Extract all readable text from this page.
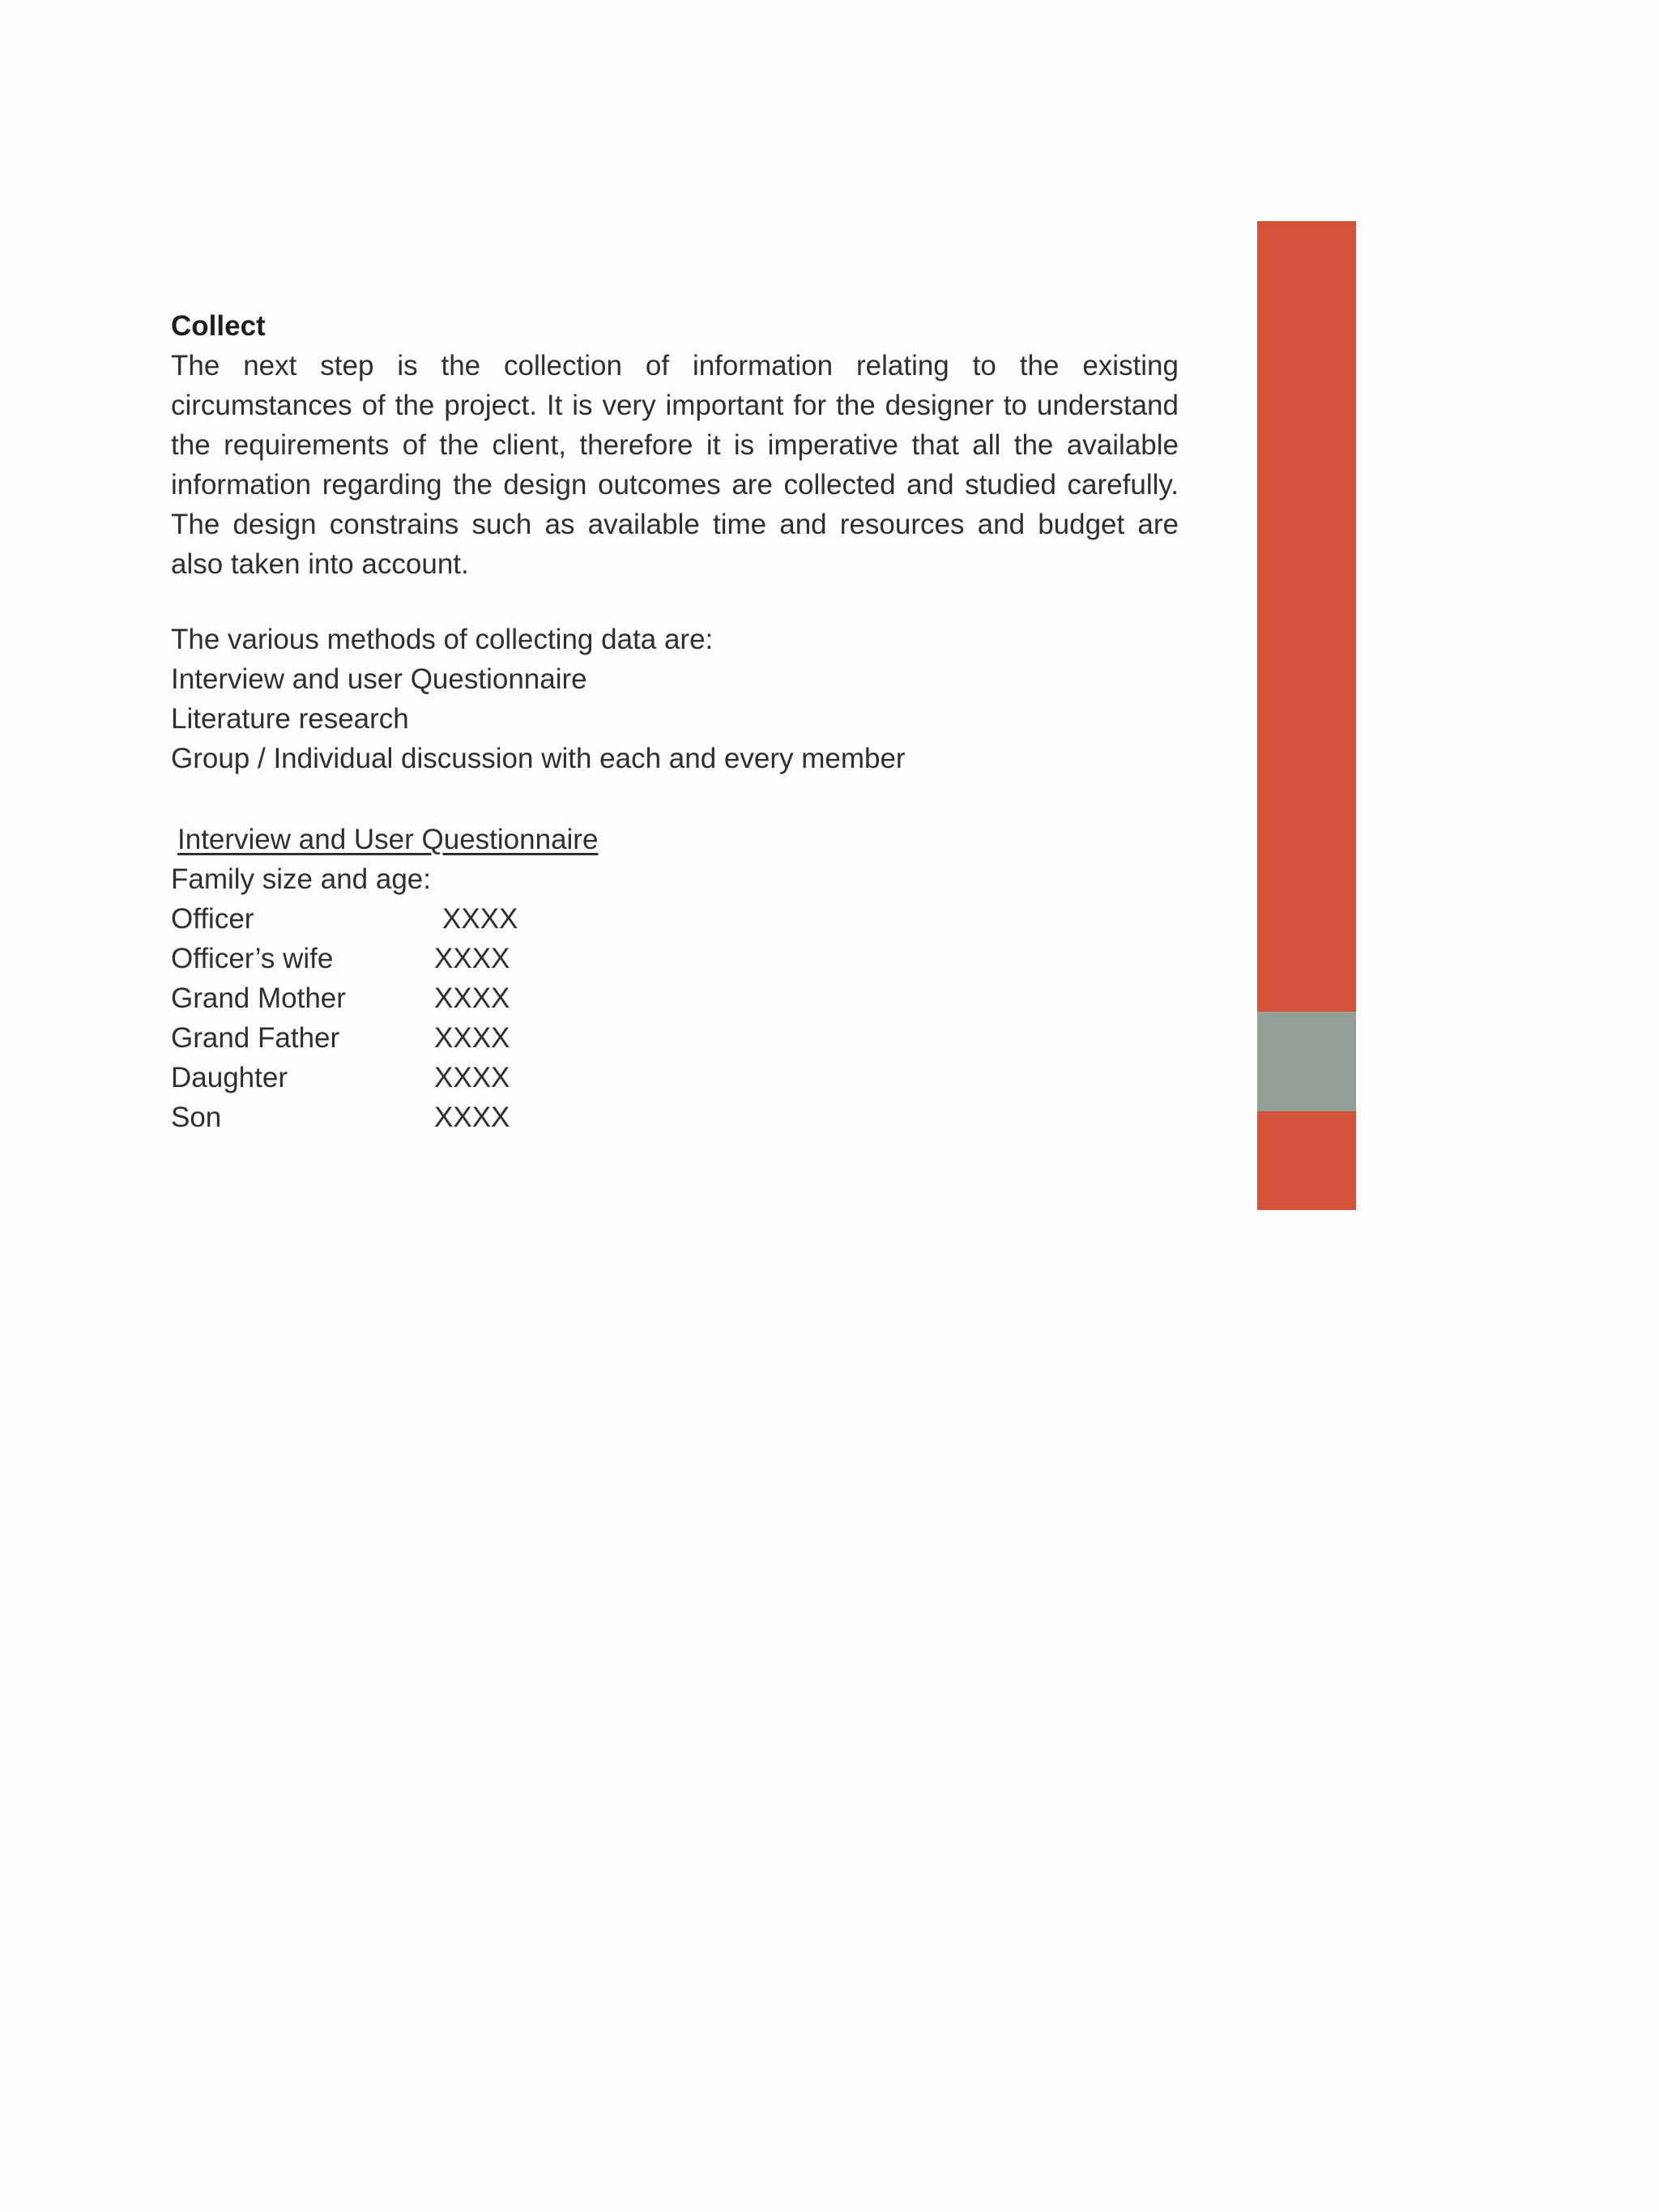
Collect

The next step is the collection of information relating to the existing circumstances of the project. It is very important for the designer to understand the requirements of the client, therefore it is imperative that all the available information regarding the design outcomes are collected and studied carefully. The design constrains such as available time and resources and budget are also taken into account.

The various methods of collecting data are:

Interview and user Questionnaire

Literature research

Group / Individual discussion with each and every member

Interview and User Questionnaire

Family size and age:

Officer	XXXX
Officer’s wife	XXXX
Grand Mother	XXXX
Grand Father	XXXX
Daughter	XXXX
Son	XXXX
